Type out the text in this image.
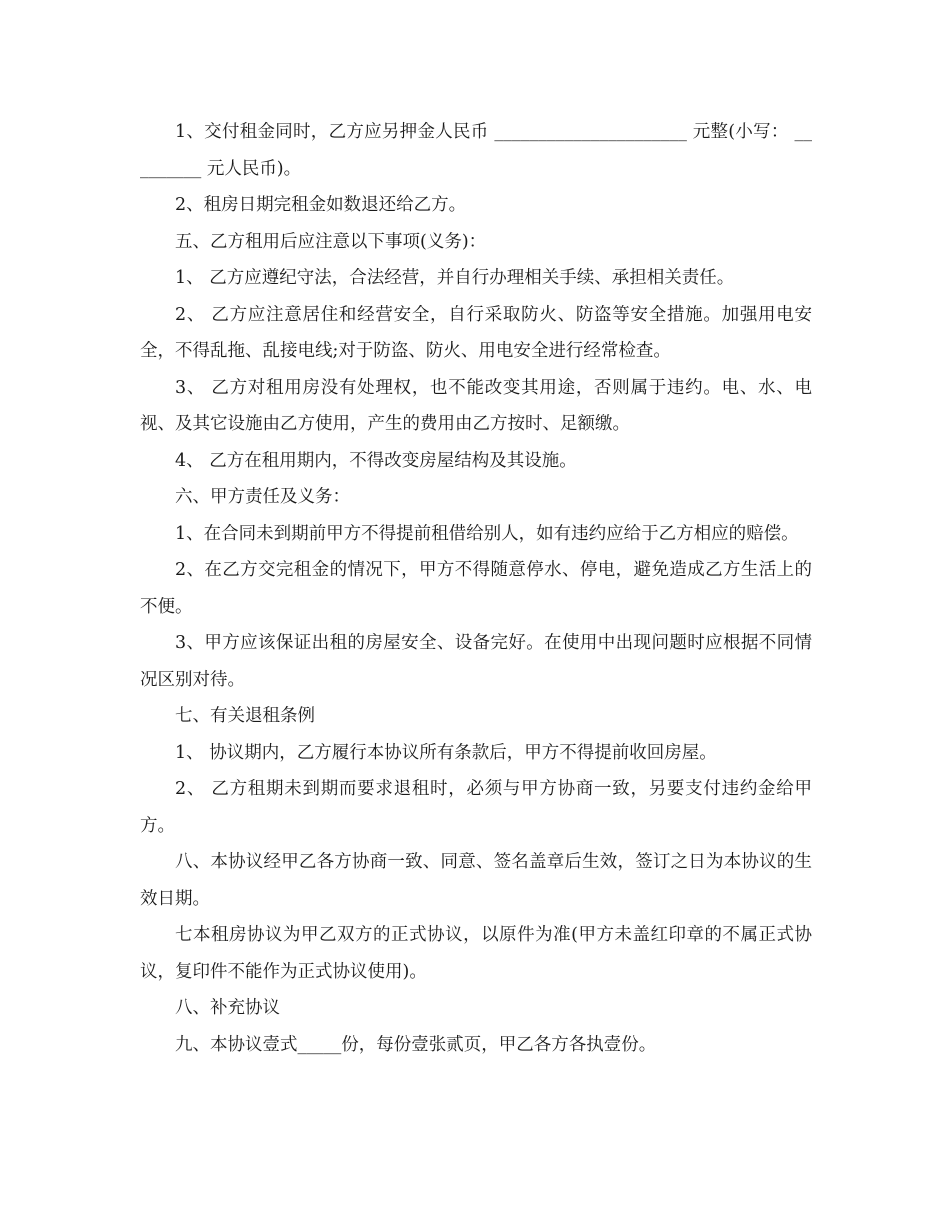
1、交付租金同时，乙方应另押金人民币 ______________________ 元整(小写： _________ 元人民币)。

2、租房日期完租金如数退还给乙方。

五、乙方租用后应注意以下事项(义务)：

1、 乙方应遵纪守法，合法经营，并自行办理相关手续、承担相关责任。

2、 乙方应注意居住和经营安全，自行采取防火、防盗等安全措施。加强用电安全，不得乱拖、乱接电线;对于防盗、防火、用电安全进行经常检查。

3、 乙方对租用房没有处理权，也不能改变其用途，否则属于违约。电、水、电视、及其它设施由乙方使用，产生的费用由乙方按时、足额缴。

4、 乙方在租用期内，不得改变房屋结构及其设施。

六、甲方责任及义务：

1、在合同未到期前甲方不得提前租借给别人，如有违约应给于乙方相应的赔偿。

2、在乙方交完租金的情况下，甲方不得随意停水、停电，避免造成乙方生活上的不便。

3、甲方应该保证出租的房屋安全、设备完好。在使用中出现问题时应根据不同情况区别对待。

七、有关退租条例

1、 协议期内，乙方履行本协议所有条款后，甲方不得提前收回房屋。

2、 乙方租期未到期而要求退租时，必须与甲方协商一致，另要支付违约金给甲方。

八、本协议经甲乙各方协商一致、同意、签名盖章后生效，签订之日为本协议的生效日期。

七本租房协议为甲乙双方的正式协议，以原件为准(甲方未盖红印章的不属正式协议，复印件不能作为正式协议使用)。

八、补充协议

九、本协议壹式_____份，每份壹张贰页，甲乙各方各执壹份。
